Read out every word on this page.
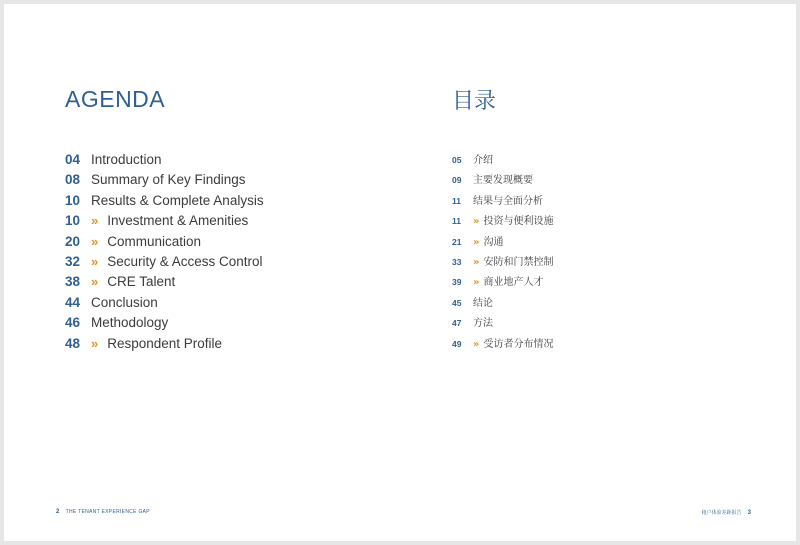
AGENDA	目录
04 Introduction
08 Summary of Key Findings
10 Results & Complete Analysis
10 » Investment & Amenities
20 » Communication
32 » Security & Access Control
38 » CRE Talent
44 Conclusion
46 Methodology
48 » Respondent Profile
05	介绍
09	主要发现概要
11	结果与全面分析
11	» 投资与便利设施
21	» 沟通
33	» 安防和门禁控制
39	» 商业地产人才
45	结论
47	方法
49	» 受访者分布情况
2 THE TENANT EXPERIENCE GAP	租户体验差距报告 3
